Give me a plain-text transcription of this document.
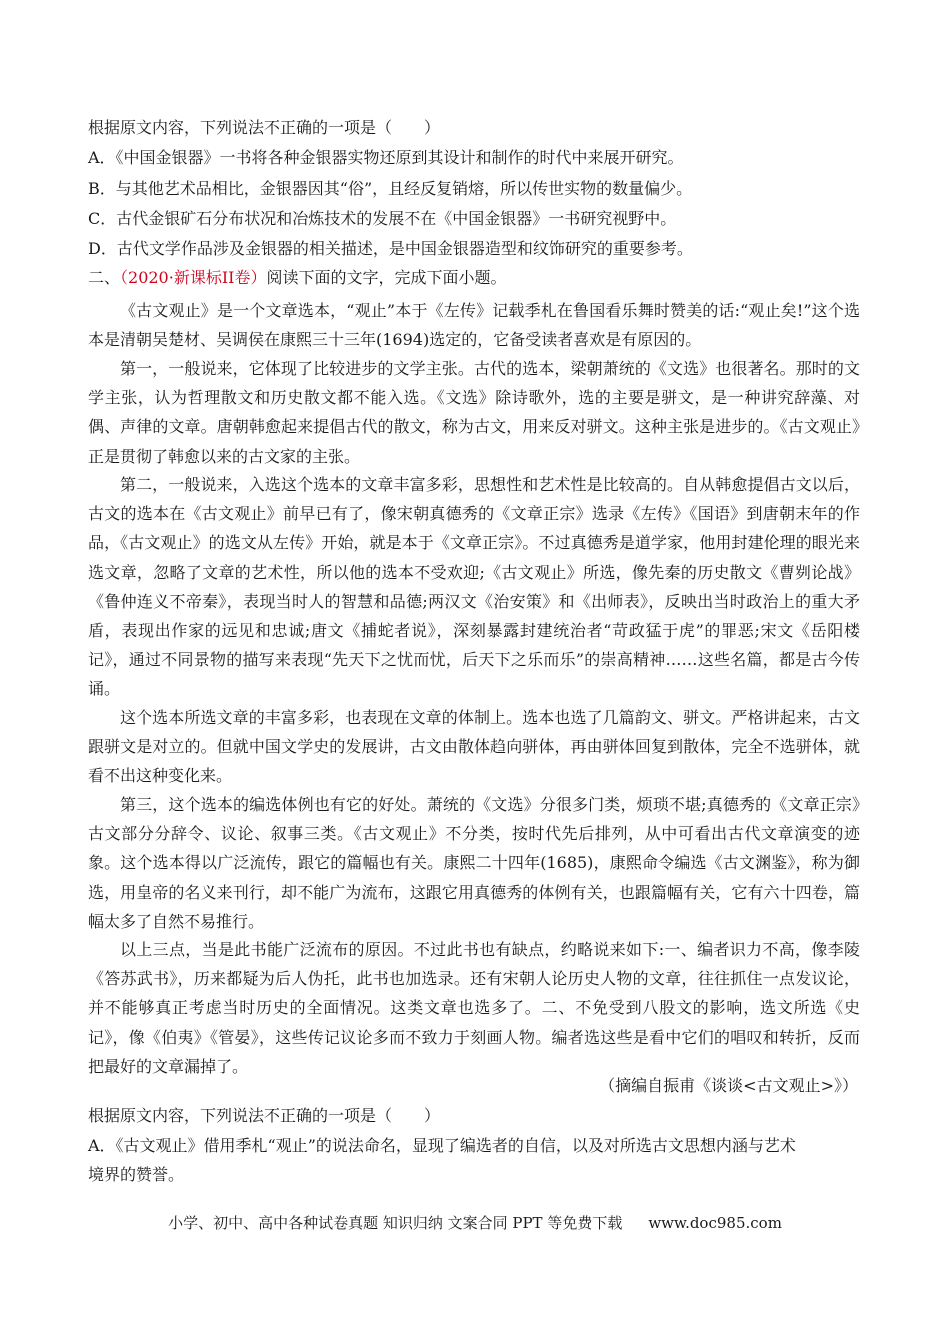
根据原文内容，下列说法不正确的一项是（　　）
A．《中国金银器》一书将各种金银器实物还原到其设计和制作的时代中来展开研究。
B．与其他艺术品相比，金银器因其“俗”，且经反复销熔，所以传世实物的数量偏少。
C．古代金银矿石分布状况和冶炼技术的发展不在《中国金银器》一书研究视野中。
D．古代文学作品涉及金银器的相关描述，是中国金银器造型和纹饰研究的重要参考。
二、（2020·新课标II卷）阅读下面的文字，完成下面小题。

《古文观止》是一个文章选本，“观止”本于《左传》记载季札在鲁国看乐舞时赞美的话:“观止矣!”这个选本是清朝吴楚材、吴调侯在康熙三十三年(1694)选定的，它备受读者喜欢是有原因的。

第一，一般说来，它体现了比较进步的文学主张。古代的选本，梁朝萧统的《文选》也很著名。那时的文学主张，认为哲理散文和历史散文都不能入选。《文选》除诗歌外，选的主要是骈文，是一种讲究辞藻、对偶、声律的文章。唐朝韩愈起来提倡古代的散文，称为古文，用来反对骈文。这种主张是进步的。《古文观止》正是贯彻了韩愈以来的古文家的主张。

第二，一般说来，入选这个选本的文章丰富多彩，思想性和艺术性是比较高的。自从韩愈提倡古文以后，古文的选本在《古文观止》前早已有了，像宋朝真德秀的《文章正宗》选录《左传》《国语》到唐朝末年的作品，《古文观止》的选文从左传》开始，就是本于《文章正宗》。不过真德秀是道学家，他用封建伦理的眼光来选文章，忽略了文章的艺术性，所以他的选本不受欢迎;《古文观止》所选，像先秦的历史散文《曹刿论战》《鲁仲连义不帝秦》，表现当时人的智慧和品德;两汉文《治安策》和《出师表》，反映出当时政治上的重大矛盾，表现出作家的远见和忠诚;唐文《捕蛇者说》，深刻暴露封建统治者“苛政猛于虎”的罪恶;宋文《岳阳楼记》，通过不同景物的描写来表现“先天下之忧而忧，后天下之乐而乐”的崇高精神……这些名篇，都是古今传诵。

这个选本所选文章的丰富多彩，也表现在文章的体制上。选本也选了几篇韵文、骈文。严格讲起来，古文跟骈文是对立的。但就中国文学史的发展讲，古文由散体趋向骈体，再由骈体回复到散体，完全不选骈体，就看不出这种变化来。

第三，这个选本的编选体例也有它的好处。萧统的《文选》分很多门类，烦琐不堪;真德秀的《文章正宗》古文部分分辞令、议论、叙事三类。《古文观止》不分类，按时代先后排列，从中可看出古代文章演变的迹象。这个选本得以广泛流传，跟它的篇幅也有关。康熙二十四年(1685)，康熙命令编选《古文渊鉴》，称为御选，用皇帝的名义来刊行，却不能广为流布，这跟它用真德秀的体例有关，也跟篇幅有关，它有六十四卷，篇幅太多了自然不易推行。

以上三点，当是此书能广泛流布的原因。不过此书也有缺点，约略说来如下:一、编者识力不高，像李陵《答苏武书》，历来都疑为后人伪托，此书也加选录。还有宋朝人论历史人物的文章，往往抓住一点发议论，并不能够真正考虑当时历史的全面情况。这类文章也选多了。二、不免受到八股文的影响，选文所选《史记》，像《伯夷》《管晏》，这些传记议论多而不致力于刻画人物。编者选这些是看中它们的唱叹和转折，反而把最好的文章漏掉了。

（摘编自振甫《谈谈<古文观止>》）
根据原文内容，下列说法不正确的一项是（　　）
A．《古文观止》借用季札“观止”的说法命名，显现了编选者的自信，以及对所选古文思想内涵与艺术
境界的赞誉。
小学、初中、高中各种试卷真题 知识归纳 文案合同 PPT 等免费下载 www.doc985.com
